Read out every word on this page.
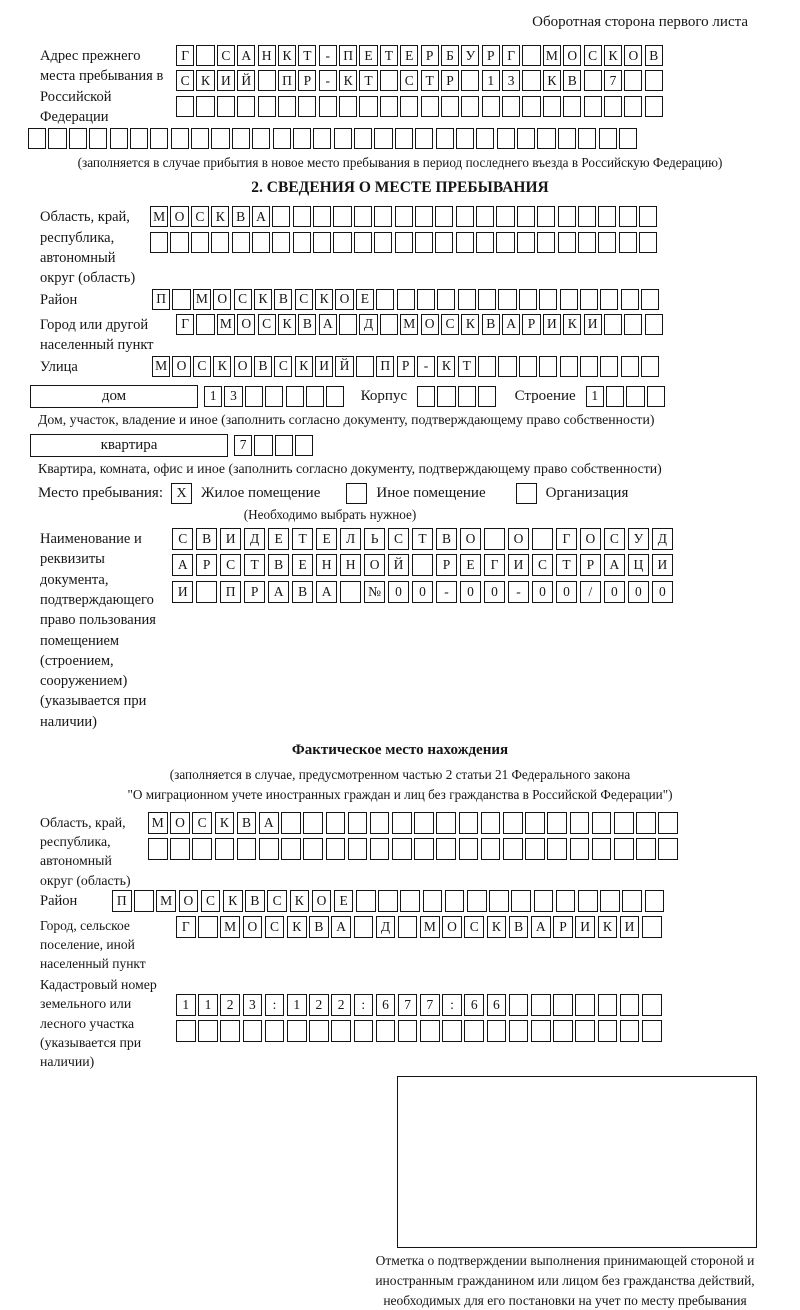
Оборотная сторона первого листа
Адрес прежнего места пребывания в Российской Федерации
Г	С А Н К Т	- П Е Т Е Р Б У Р Г	М О С К О В
С К И Й	П Р	-	К Т	С Т Р	1	3	К В	7
(заполняется в случае прибытия в новое место пребывания в период последнего въезда в Российскую Федерацию)
2. СВЕДЕНИЯ О МЕСТЕ ПРЕБЫВАНИЯ
Область, край, республика, автономный округ (область)
М О С К В А
Район	П	М О С К В С К О Е
Город или другой населенный пункт
Г	М О С К В А	Д	М О С К В А Р И К И
Улица	М О С К О В С К И Й	П Р	-	К Т
дом	1	3	Корпус	Строение	1
Дом, участок, владение и иное (заполнить согласно документу, подтверждающему право собственности)
квартира	7
Квартира, комната, офис и иное (заполнить согласно документу, подтверждающему право собственности)
Место пребывания: X Жилое помещение	Иное помещение	Организация
(Необходимо выбрать нужное)
Наименование и реквизиты документа, подтверждающего право пользования помещением (строением, сооружением) (указывается при наличии)
С	В	И	Д	Е	Т	Е	Л	Ь	С	Т	В	О	О	Г	О	С	У	Д
А	Р	С	Т	В	Е	Н	Н	О	Й	Р	Е	Г	И	С	Т	Р	А	Ц	И
И	П	Р	А	В	А	№	0	0	-	0	0	-	0	0	/	0	0	0
Фактическое место нахождения
(заполняется в случае, предусмотренном частью 2 статьи 21 Федерального закона
"О миграционном учете иностранных граждан и лиц без гражданства в Российской Федерации")
Область, край, республика, автономный округ (область)
М О С К В А
Район	П	М О С К В С К О Е
Город, сельское поселение, иной населенный пункт
Г	М О С К В А	Д	М О С К В А	Р	И К И
Кадастровый номер земельного или лесного участка (указывается при наличии)
1	1	2	3	:	1	2	2	:	6	7	7	:	6	6
Отметка о подтверждении выполнения принимающей стороной и иностранным гражданином или лицом без гражданства действий, необходимых для его постановки на учет по месту пребывания
